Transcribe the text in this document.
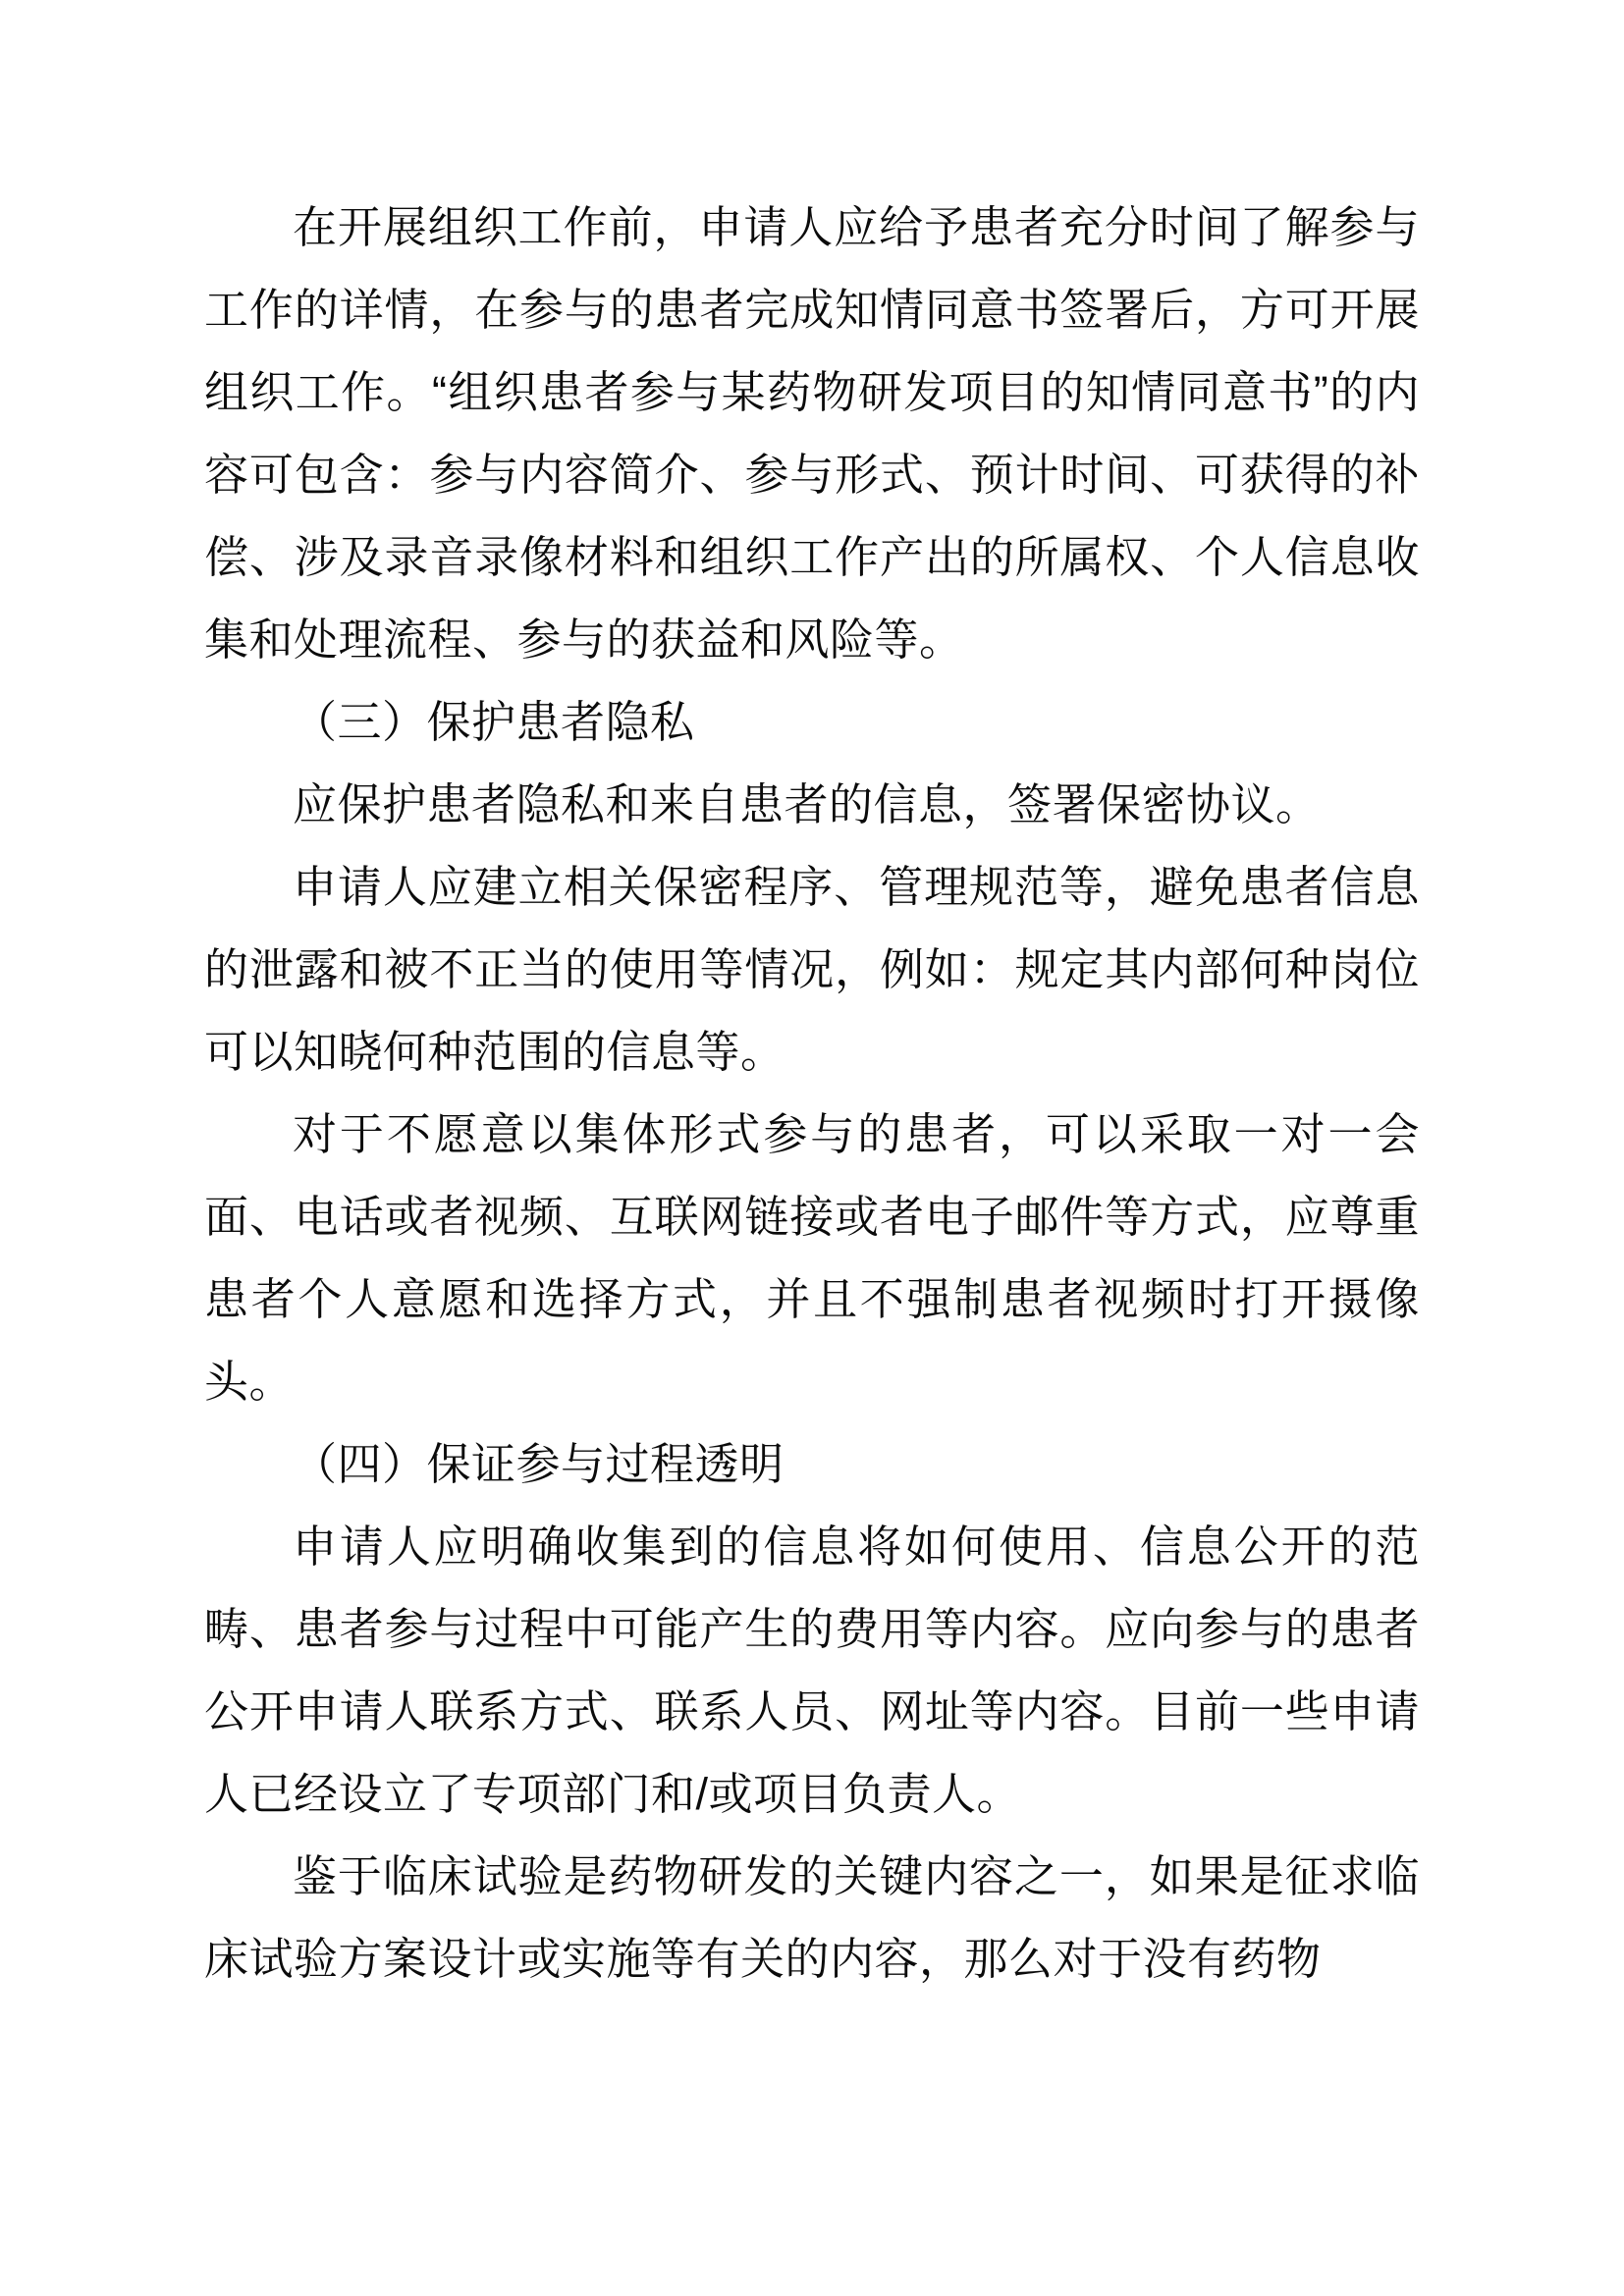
在开展组织工作前，申请人应给予患者充分时间了解参与工作的详情，在参与的患者完成知情同意书签署后，方可开展组织工作。“组织患者参与某药物研发项目的知情同意书”的内容可包含：参与内容简介、参与形式、预计时间、可获得的补偿、涉及录音录像材料和组织工作产出的所属权、个人信息收集和处理流程、参与的获益和风险等。

（三）保护患者隐私

应保护患者隐私和来自患者的信息，签署保密协议。

申请人应建立相关保密程序、管理规范等，避免患者信息的泄露和被不正当的使用等情况，例如：规定其内部何种岗位可以知晓何种范围的信息等。

对于不愿意以集体形式参与的患者，可以采取一对一会面、电话或者视频、互联网链接或者电子邮件等方式，应尊重患者个人意愿和选择方式，并且不强制患者视频时打开摄像头。

（四）保证参与过程透明

申请人应明确收集到的信息将如何使用、信息公开的范畴、患者参与过程中可能产生的费用等内容。应向参与的患者公开申请人联系方式、联系人员、网址等内容。目前一些申请人已经设立了专项部门和/或项目负责人。

鉴于临床试验是药物研发的关键内容之一，如果是征求临床试验方案设计或实施等有关的内容，那么对于没有药物
